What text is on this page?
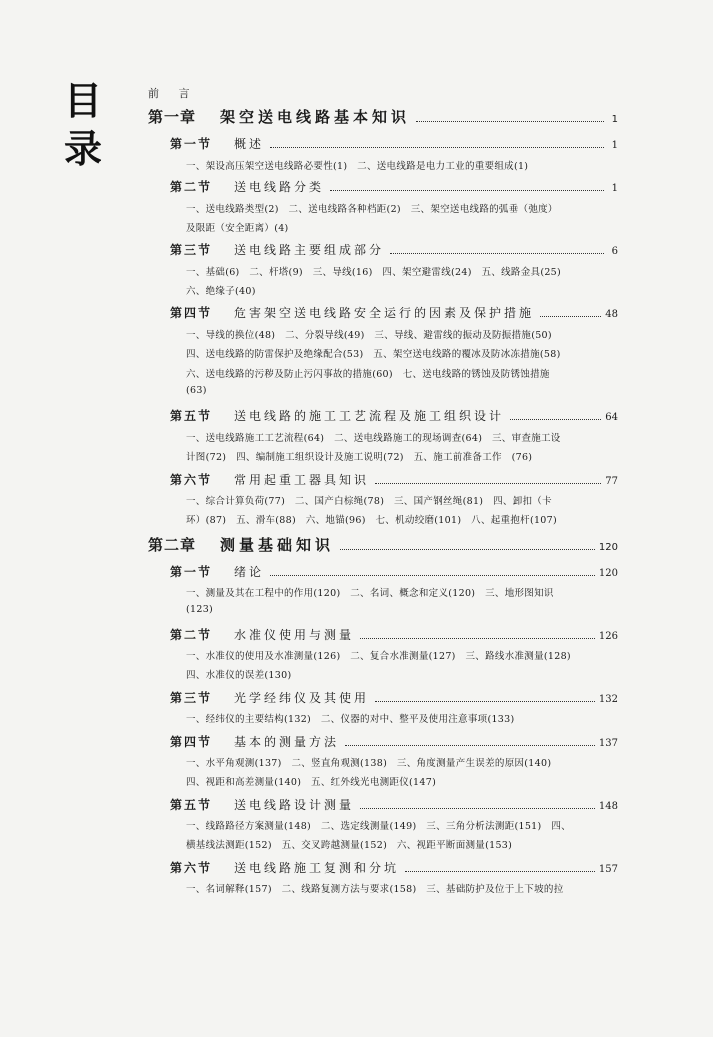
目
录
前 言
第一章 架空送电线路基本知识	1
第一节 概述	1
一、架设高压架空送电线路必要性(1)　二、送电线路是电力工业的重要组成(1)
第二节 送电线路分类	1
一、送电线路类型(2)　二、送电线路各种档距(2)　三、架空送电线路的弧垂（弛度）
及限距（安全距离）(4)
第三节 送电线路主要组成部分	6
一、基础(6)　二、杆塔(9)　三、导线(16)　四、架空避雷线(24)　五、线路金具(25)
六、绝缘子(40)
第四节 危害架空送电线路安全运行的因素及保护措施	48
一、导线的换位(48)　二、分裂导线(49)　三、导线、避雷线的振动及防振措施(50)
四、送电线路的防雷保护及绝缘配合(53)　五、架空送电线路的覆冰及防冰冻措施(58)
六、送电线路的污秽及防止污闪事故的措施(60)　七、送电线路的锈蚀及防锈蚀措施
(63)
第五节 送电线路的施工工艺流程及施工组织设计	64
一、送电线路施工工艺流程(64)　二、送电线路施工的现场调查(64)　三、审查施工设
计图(72)　四、编制施工组织设计及施工说明(72)　五、施工前准备工作　(76)
第六节 常用起重工器具知识	77
一、综合计算负荷(77)　二、国产白棕绳(78)　三、国产钢丝绳(81)　四、卸扣（卡
环）(87)　五、滑车(88)　六、地锚(96)　七、机动绞磨(101)　八、起重抱杆(107)
第二章 测量基础知识	120
第一节 绪论	120
一、测量及其在工程中的作用(120)　二、名词、概念和定义(120)　三、地形图知识
(123)
第二节 水准仪使用与测量	126
一、水准仪的使用及水准测量(126)　二、复合水准测量(127)　三、路线水准测量(128)
四、水准仪的误差(130)
第三节 光学经纬仪及其使用	132
一、经纬仪的主要结构(132)　二、仪器的对中、整平及使用注意事项(133)
第四节 基本的测量方法	137
一、水平角观测(137)　二、竖直角观测(138)　三、角度测量产生误差的原因(140)
四、视距和高差测量(140)　五、红外线光电测距仪(147)
第五节 送电线路设计测量	148
一、线路路径方案测量(148)　二、选定线测量(149)　三、三角分析法测距(151)　四、
横基线法测距(152)　五、交叉跨越测量(152)　六、视距平断面测量(153)
第六节 送电线路施工复测和分坑	157
一、名词解释(157)　二、线路复测方法与要求(158)　三、基础防护及位于上下坡的拉
